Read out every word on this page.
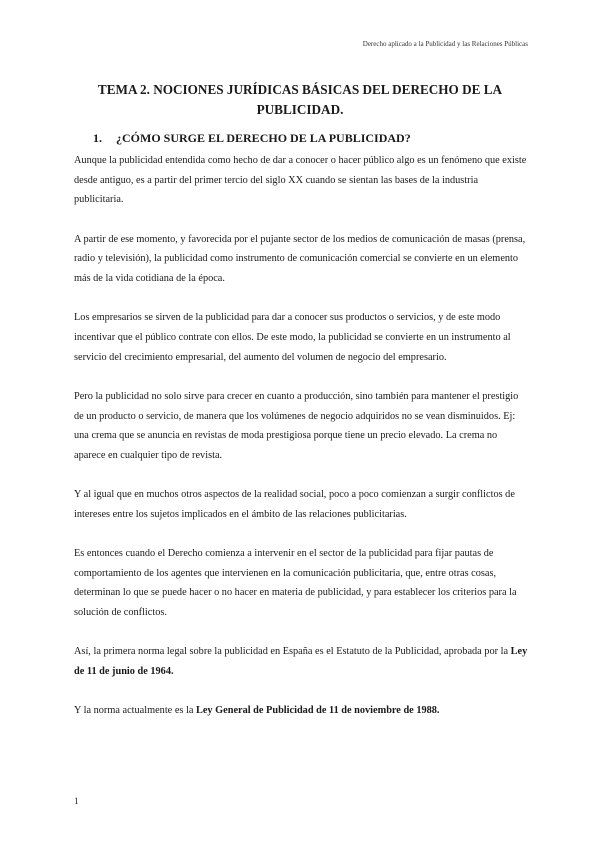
Derecho aplicado a la Publicidad y las Relaciones Públicas
TEMA 2. NOCIONES JURÍDICAS BÁSICAS DEL DERECHO DE LA PUBLICIDAD.
1. ¿CÓMO SURGE EL DERECHO DE LA PUBLICIDAD?

Aunque la publicidad entendida como hecho de dar a conocer o hacer público algo es un fenómeno que existe desde antiguo, es a partir del primer tercio del siglo XX cuando se sientan las bases de la industria publicitaria.

A partir de ese momento, y favorecida por el pujante sector de los medios de comunicación de masas (prensa, radio y televisión), la publicidad como instrumento de comunicación comercial se convierte en un elemento más de la vida cotidiana de la época.

Los empresarios se sirven de la publicidad para dar a conocer sus productos o servicios, y de este modo incentivar que el público contrate con ellos. De este modo, la publicidad se convierte en un instrumento al servicio del crecimiento empresarial, del aumento del volumen de negocio del empresario.

Pero la publicidad no solo sirve para crecer en cuanto a producción, sino también para mantener el prestigio de un producto o servicio, de manera que los volúmenes de negocio adquiridos no se vean disminuidos. Ej: una crema que se anuncia en revistas de moda prestigiosa porque tiene un precio elevado. La crema no aparece en cualquier tipo de revista.

Y al igual que en muchos otros aspectos de la realidad social, poco a poco comienzan a surgir conflictos de intereses entre los sujetos implicados en el ámbito de las relaciones publicitarias.

Es entonces cuando el Derecho comienza a intervenir en el sector de la publicidad para fijar pautas de comportamiento de los agentes que intervienen en la comunicación publicitaria, que, entre otras cosas, determinan lo que se puede hacer o no hacer en materia de publicidad, y para establecer los criterios para la solución de conflictos.

Así, la primera norma legal sobre la publicidad en España es el Estatuto de la Publicidad, aprobada por la Ley de 11 de junio de 1964.

Y la norma actualmente es la Ley General de Publicidad de 11 de noviembre de 1988.

1
